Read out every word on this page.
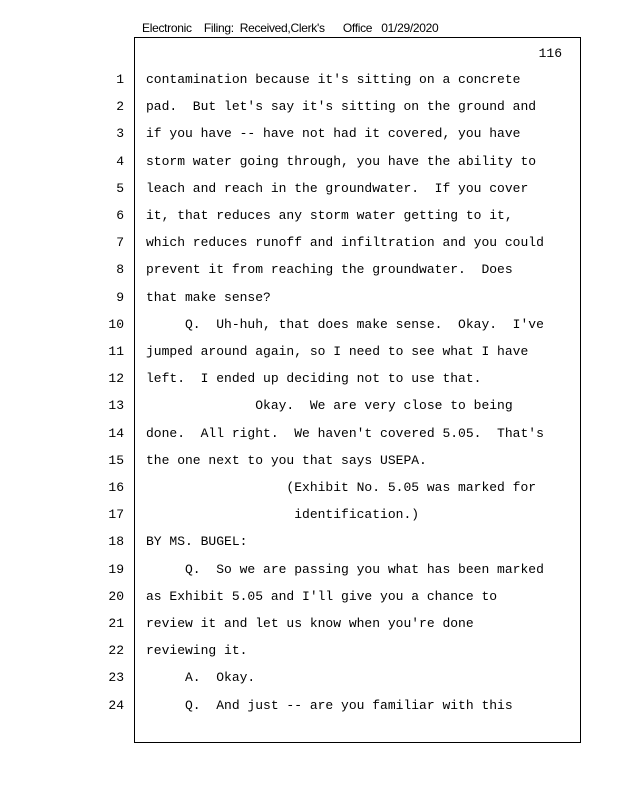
Electronic    Filing:  Received,Clerk's      Office   01/29/2020
116
1 contamination because it's sitting on a concrete
2 pad.  But let's say it's sitting on the ground and
3 if you have -- have not had it covered, you have
4 storm water going through, you have the ability to
5 leach and reach in the groundwater.  If you cover
6 it, that reduces any storm water getting to it,
7 which reduces runoff and infiltration and you could
8 prevent it from reaching the groundwater.  Does
9 that make sense?
10 Q.  Uh-huh, that does make sense.  Okay.  I've
11 jumped around again, so I need to see what I have
12 left.  I ended up deciding not to use that.
13 Okay.  We are very close to being
14 done.  All right.  We haven't covered 5.05.  That's
15 the one next to you that says USEPA.
16 (Exhibit No. 5.05 was marked for
17 identification.)
18 BY MS. BUGEL:
19 Q.  So we are passing you what has been marked
20 as Exhibit 5.05 and I'll give you a chance to
21 review it and let us know when you're done
22 reviewing it.
23 A.  Okay.
24 Q.  And just -- are you familiar with this
